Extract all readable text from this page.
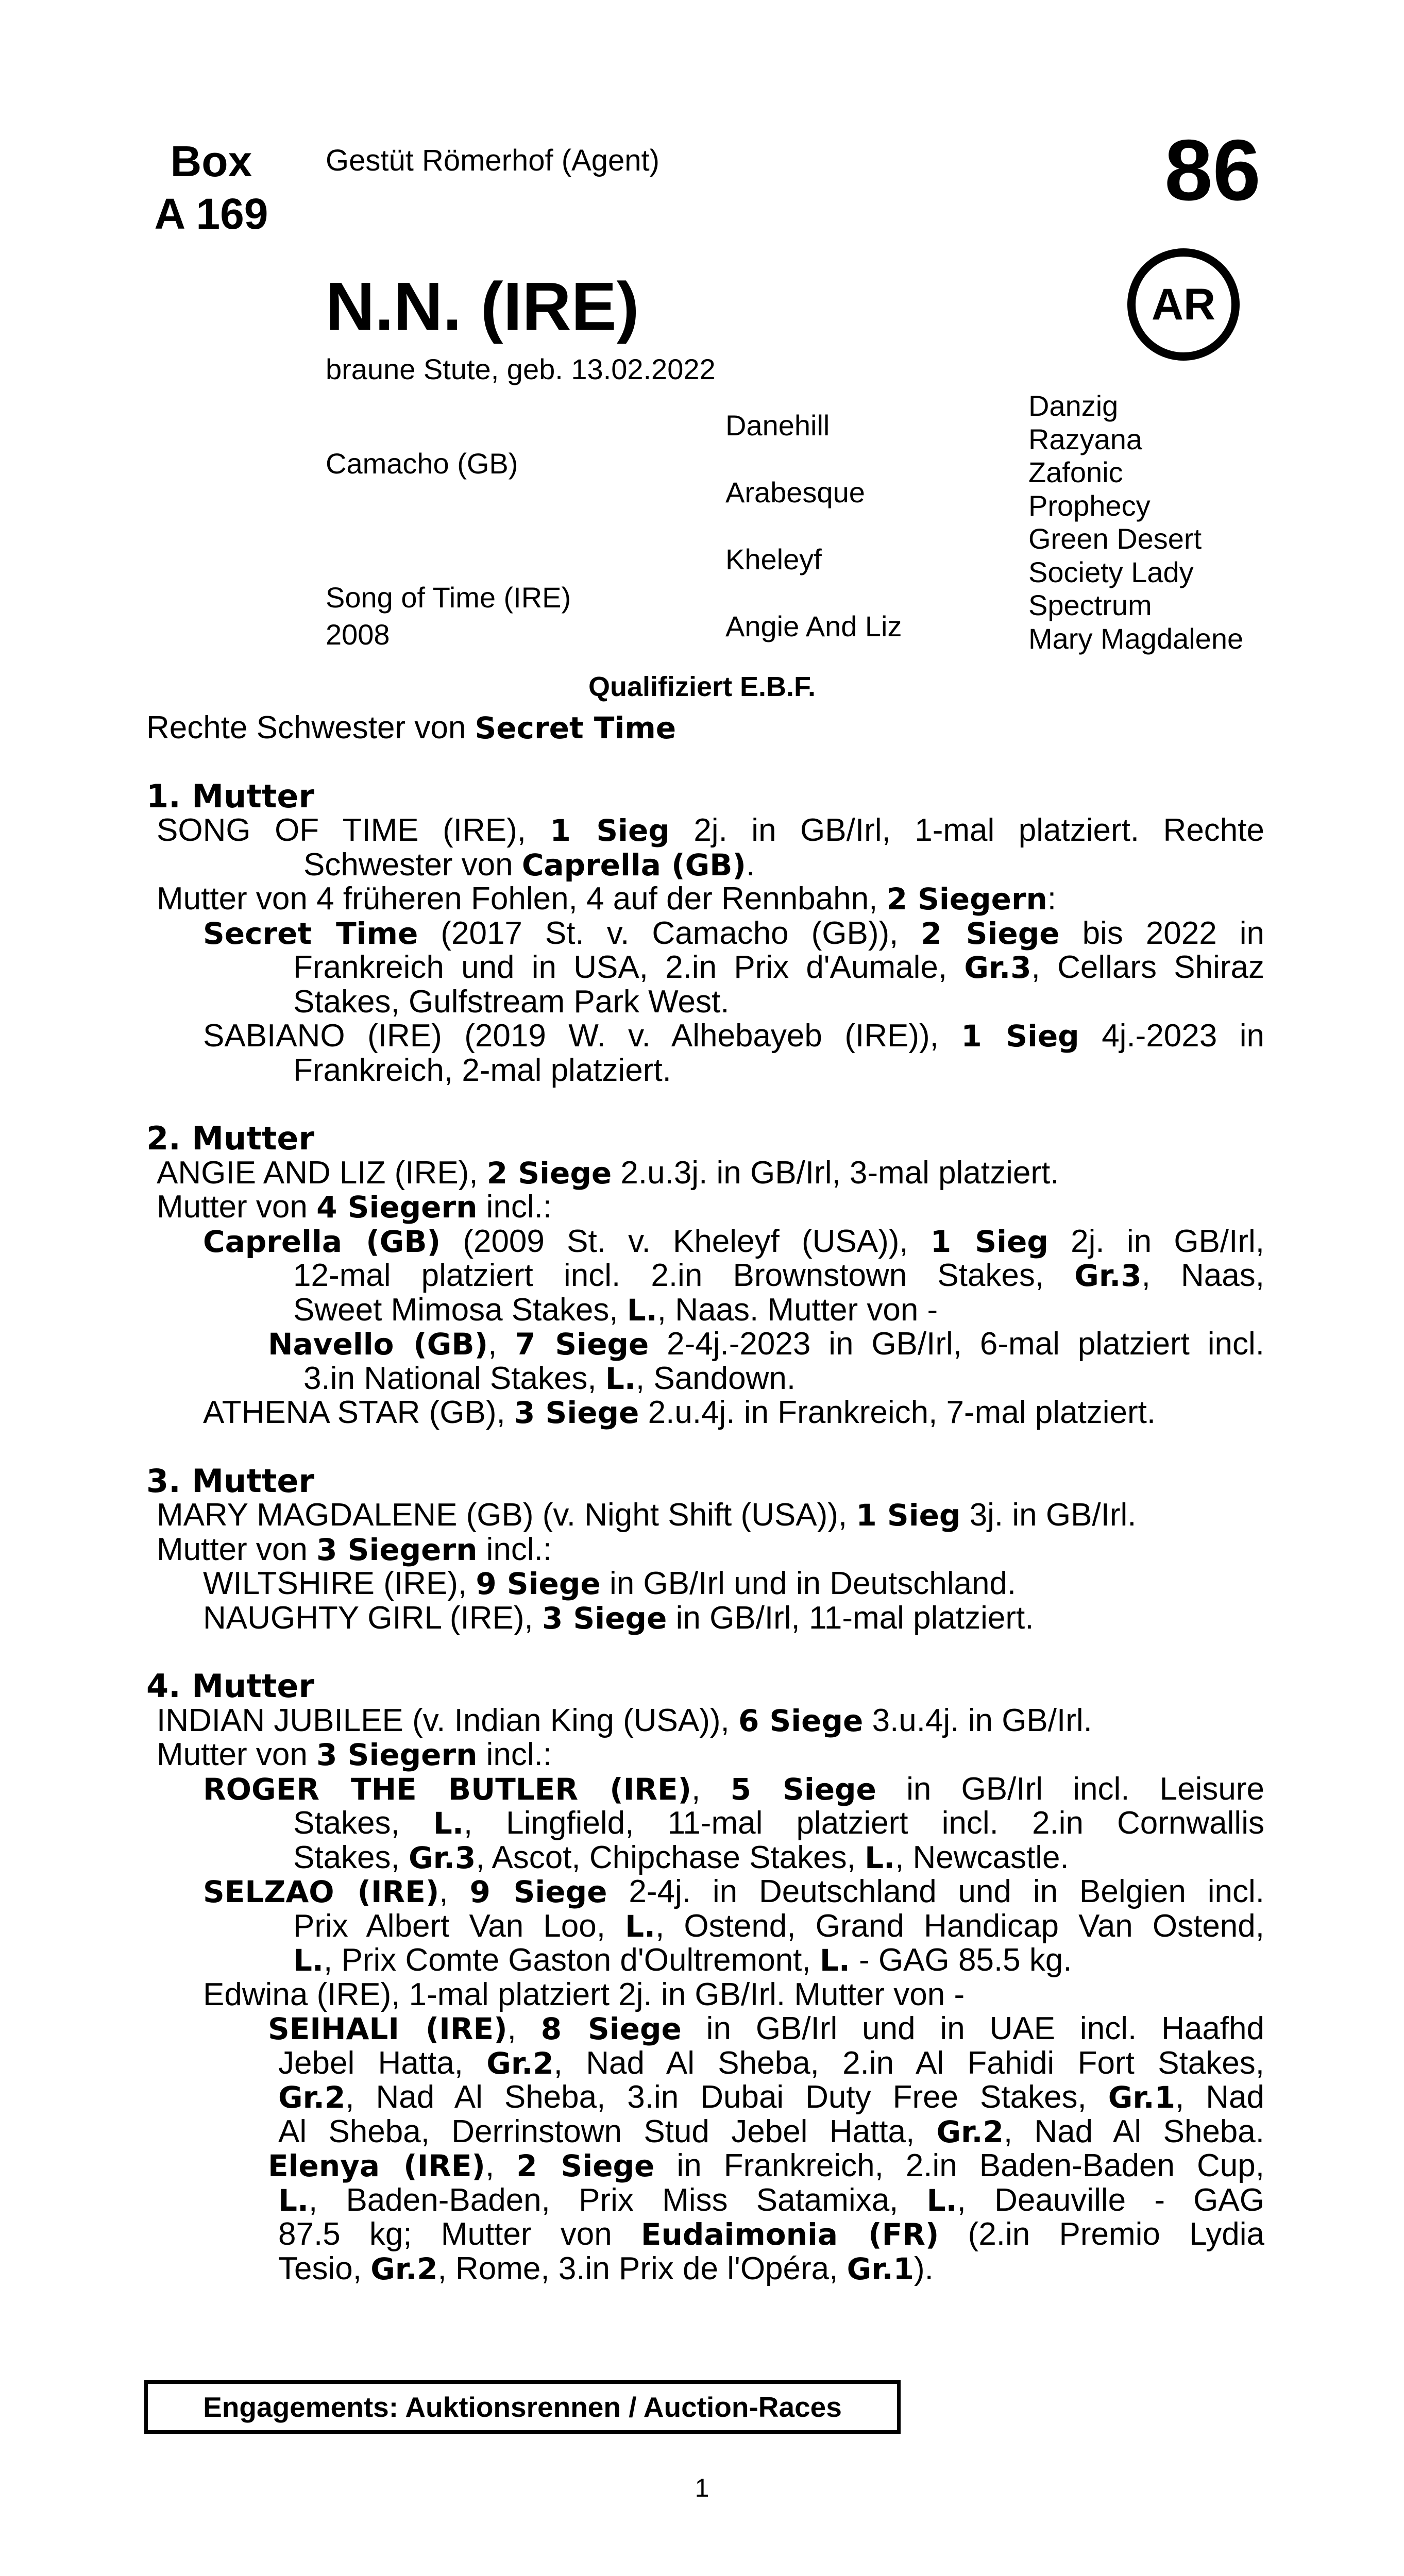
Box
A 169
Gestüt Römerhof (Agent)	86
AR
N.N. (IRE)
braune Stute, geb. 13.02.2022
Camacho (GB)
Song of Time (IRE)
2008
Danehill
Arabesque
Kheleyf
Angie And Liz
Danzig
Razyana
Zafonic
Prophecy
Green Desert
Society Lady
Spectrum
Mary Magdalene
Qualifiziert E.B.F.
Rechte Schwester von Secret Time
1. Mutter
SONG OF TIME (IRE), 1 Sieg 2j. in GB/Irl, 1-mal platziert. Rechte
Schwester von Caprella (GB).
Mutter von 4 früheren Fohlen, 4 auf der Rennbahn, 2 Siegern:
Secret Time (2017 St. v. Camacho (GB)), 2 Siege bis 2022 in
Frankreich und in USA, 2.in Prix d'Aumale, Gr.3, Cellars Shiraz
Stakes, Gulfstream Park West.
SABIANO (IRE) (2019 W. v. Alhebayeb (IRE)), 1 Sieg 4j.-2023 in
Frankreich, 2-mal platziert.
2. Mutter
ANGIE AND LIZ (IRE), 2 Siege 2.u.3j. in GB/Irl, 3-mal platziert.
Mutter von 4 Siegern incl.:
Caprella (GB) (2009 St. v. Kheleyf (USA)), 1 Sieg 2j. in GB/Irl,
12-mal platziert incl. 2.in Brownstown Stakes, Gr.3, Naas,
Sweet Mimosa Stakes, L., Naas. Mutter von -
Navello (GB), 7 Siege 2-4j.-2023 in GB/Irl, 6-mal platziert incl.
3.in National Stakes, L., Sandown.
ATHENA STAR (GB), 3 Siege 2.u.4j. in Frankreich, 7-mal platziert.
3. Mutter
MARY MAGDALENE (GB) (v. Night Shift (USA)), 1 Sieg 3j. in GB/Irl.
Mutter von 3 Siegern incl.:
WILTSHIRE (IRE), 9 Siege in GB/Irl und in Deutschland.
NAUGHTY GIRL (IRE), 3 Siege in GB/Irl, 11-mal platziert.
4. Mutter
INDIAN JUBILEE (v. Indian King (USA)), 6 Siege 3.u.4j. in GB/Irl.
Mutter von 3 Siegern incl.:
ROGER THE BUTLER (IRE), 5 Siege in GB/Irl incl. Leisure
Stakes, L., Lingfield, 11-mal platziert incl. 2.in Cornwallis
Stakes, Gr.3, Ascot, Chipchase Stakes, L., Newcastle.
SELZAO (IRE), 9 Siege 2-4j. in Deutschland und in Belgien incl.
Prix Albert Van Loo, L., Ostend, Grand Handicap Van Ostend,
L., Prix Comte Gaston d'Oultremont, L. - GAG 85.5 kg.
Edwina (IRE), 1-mal platziert 2j. in GB/Irl. Mutter von -
SEIHALI (IRE), 8 Siege in GB/Irl und in UAE incl. Haafhd
Jebel Hatta, Gr.2, Nad Al Sheba, 2.in Al Fahidi Fort Stakes,
Gr.2, Nad Al Sheba, 3.in Dubai Duty Free Stakes, Gr.1, Nad
Al Sheba, Derrinstown Stud Jebel Hatta, Gr.2, Nad Al Sheba.
Elenya (IRE), 2 Siege in Frankreich, 2.in Baden-Baden Cup,
L., Baden-Baden, Prix Miss Satamixa, L., Deauville - GAG
87.5 kg; Mutter von Eudaimonia (FR) (2.in Premio Lydia
Tesio, Gr.2, Rome, 3.in Prix de l'Opéra, Gr.1).
Engagements: Auktionsrennen / Auction-Races
1
